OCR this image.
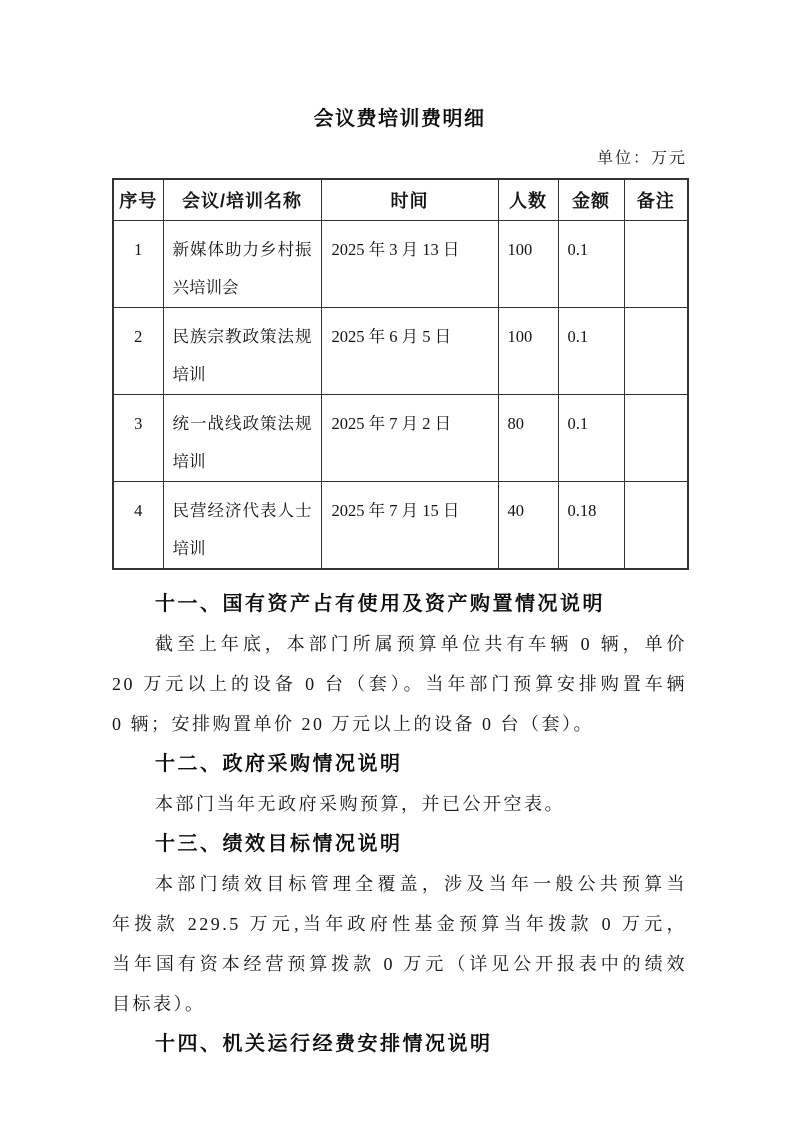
会议费培训费明细
单位：万元
序号	会议/培训名称	时间	人数	金额	备注
1	新媒体助力乡村振兴培训会	2025 年 3 月 13 日	100	0.1	
2	民族宗教政策法规培训	2025 年 6 月 5 日	100	0.1	
3	统一战线政策法规培训	2025 年 7 月 2 日	80	0.1	
4	民营经济代表人士培训	2025 年 7 月 15 日	40	0.18	
十一、国有资产占有使用及资产购置情况说明
截至上年底，本部门所属预算单位共有车辆 0 辆，单价
20 万元以上的设备 0 台（套）。当年部门预算安排购置车辆
0 辆；安排购置单价 20 万元以上的设备 0 台（套）。
十二、政府采购情况说明
本部门当年无政府采购预算，并已公开空表。
十三、绩效目标情况说明
本部门绩效目标管理全覆盖，涉及当年一般公共预算当
年拨款 229.5 万元,当年政府性基金预算当年拨款 0 万元，
当年国有资本经营预算拨款 0 万元（详见公开报表中的绩效
目标表）。
十四、机关运行经费安排情况说明
